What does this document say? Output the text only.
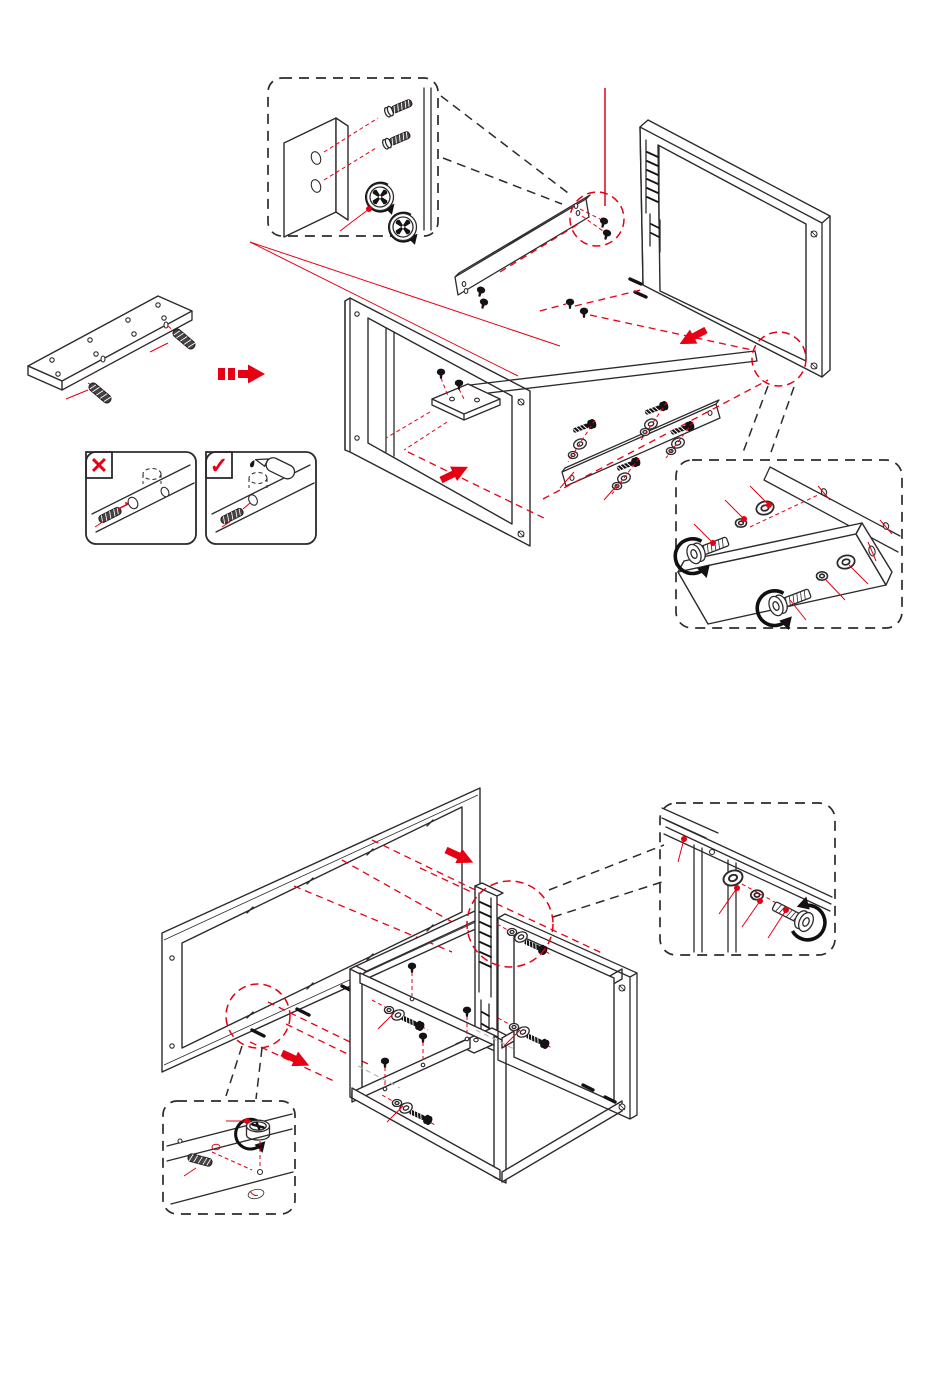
✕	✓
